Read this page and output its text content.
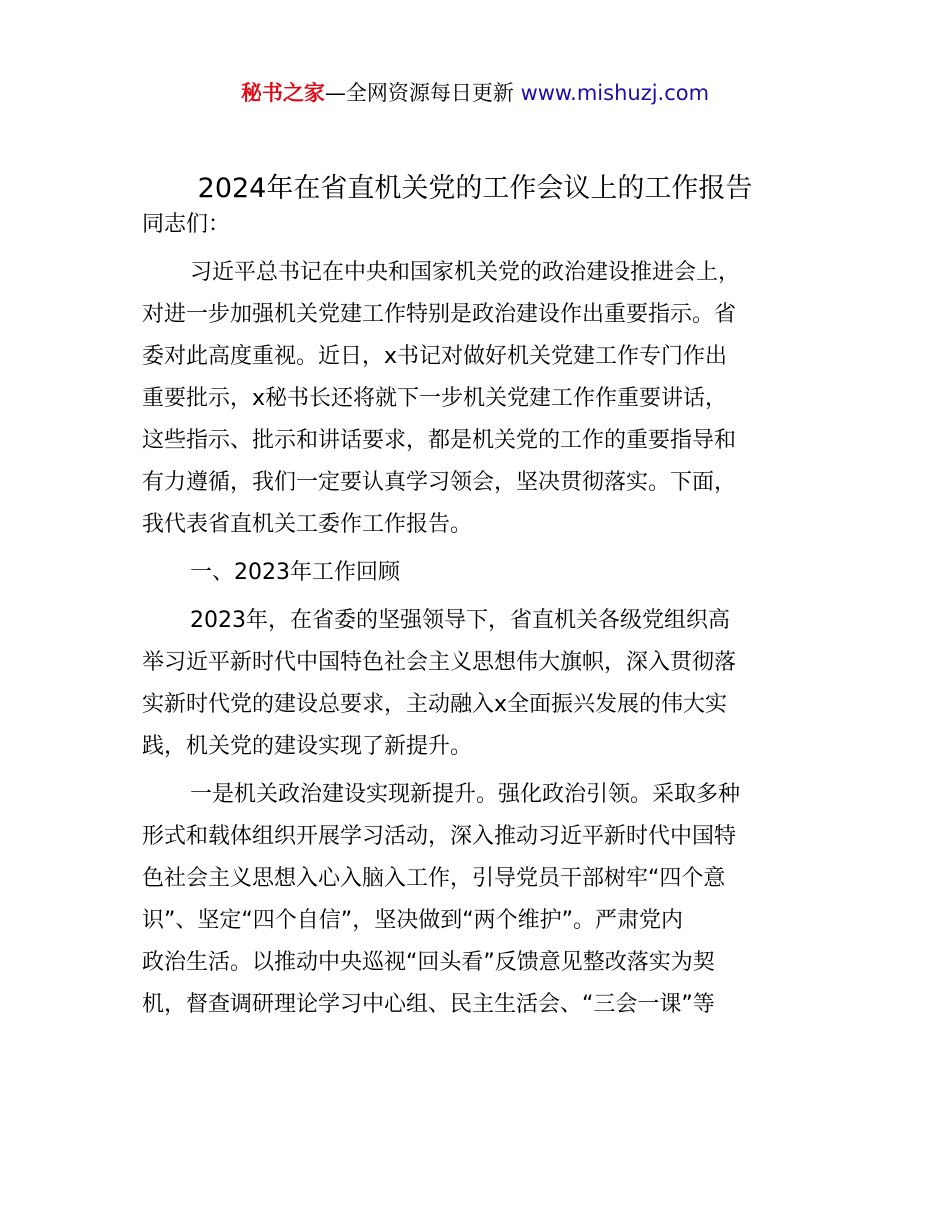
秘书之家—全网资源每日更新 www.mishuzj.com
2024年在省直机关党的工作会议上的工作报告
同志们：
习近平总书记在中央和国家机关党的政治建设推进会上，
对进一步加强机关党建工作特别是政治建设作出重要指示。省
委对此高度重视。近日，x书记对做好机关党建工作专门作出
重要批示，x秘书长还将就下一步机关党建工作作重要讲话，
这些指示、批示和讲话要求，都是机关党的工作的重要指导和
有力遵循，我们一定要认真学习领会，坚决贯彻落实。下面，
我代表省直机关工委作工作报告。
一、2023年工作回顾
2023年，在省委的坚强领导下，省直机关各级党组织高
举习近平新时代中国特色社会主义思想伟大旗帜，深入贯彻落
实新时代党的建设总要求，主动融入x全面振兴发展的伟大实
践，机关党的建设实现了新提升。
一是机关政治建设实现新提升。强化政治引领。采取多种
形式和载体组织开展学习活动，深入推动习近平新时代中国特
色社会主义思想入心入脑入工作，引导党员干部树牢“四个意
识”、坚定“四个自信”，坚决做到“两个维护”。严肃党内
政治生活。以推动中央巡视“回头看”反馈意见整改落实为契
机，督查调研理论学习中心组、民主生活会、“三会一课”等
